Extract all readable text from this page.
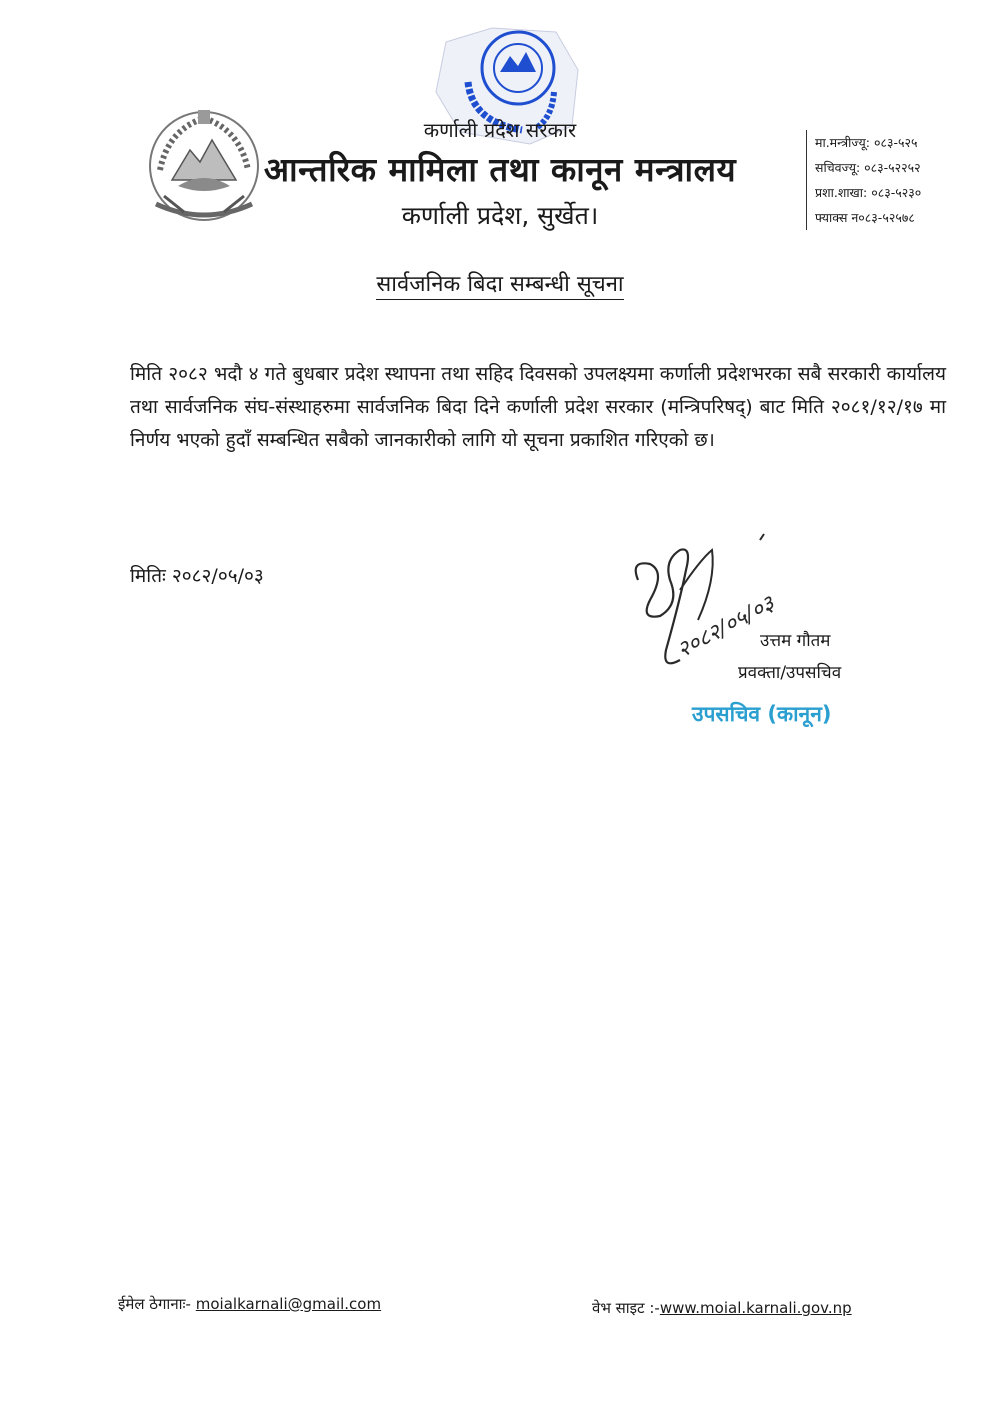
कर्णाली प्रदेश सरकार
आन्तरिक मामिला तथा कानून मन्त्रालय
कर्णाली प्रदेश, सुर्खेत।
मा.मन्त्रीज्यू: ०८३-५२५
सचिवज्यू: ०८३-५२२५२
प्रशा.शाखा: ०८३-५२३०
फ्याक्स न०८३-५२५७८
सार्वजनिक बिदा सम्बन्धी सूचना
मिति २०८२ भदौ ४ गते बुधबार प्रदेश स्थापना तथा सहिद दिवसको उपलक्ष्यमा कर्णाली प्रदेशभरका सबै सरकारी कार्यालय तथा सार्वजनिक संघ-संस्थाहरुमा सार्वजनिक बिदा दिने कर्णाली प्रदेश सरकार (मन्त्रिपरिषद्) बाट मिति २०८१/१२/१७ मा निर्णय भएको हुदाँ सम्बन्धित सबैको जानकारीको लागि यो सूचना प्रकाशित गरिएको छ।
मितिः २०८२/०५/०३
२०८२/०५/०३
उत्तम गौतम
प्रवक्ता/उपसचिव
उपसचिव (कानून)
ईमेल ठेगानाः- moialkarnali@gmail.com	वेभ साइट :-www.moial.karnali.gov.np
